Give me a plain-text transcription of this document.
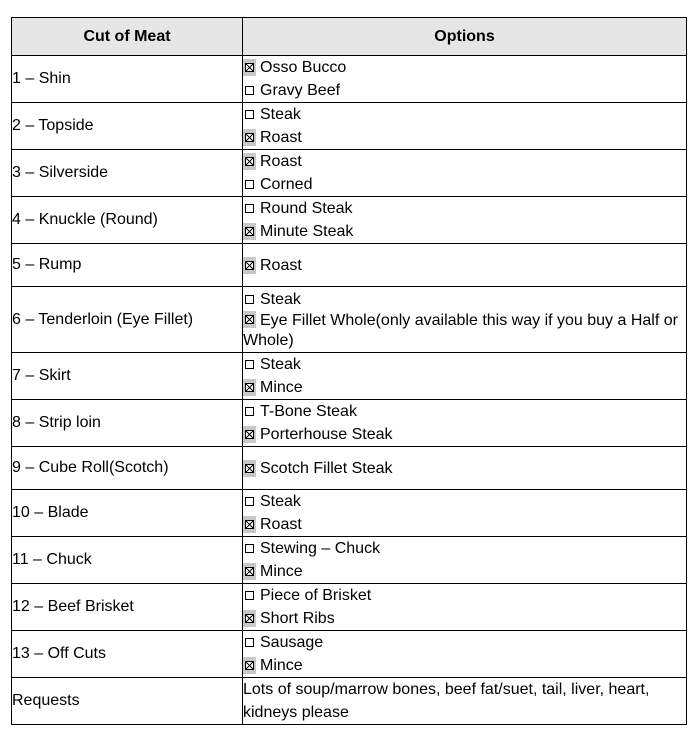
Cut of Meat	Options
1 – Shin	Osso Bucco
Gravy Beef

2 – Topside	Steak
Roast

3 – Silverside	Roast
Corned

4 – Knuckle (Round)	Round Steak
Minute Steak

5 – Rump	Roast

6 – Tenderloin (Eye Fillet)	Steak
Eye Fillet Whole(only available this way if you buy a Half or Whole)

7 – Skirt	Steak
Mince

8 – Strip loin	T-Bone Steak
Porterhouse Steak

9 – Cube Roll(Scotch)	Scotch Fillet Steak

10 – Blade	Steak
Roast

11 – Chuck	Stewing – Chuck
Mince

12 – Beef Brisket	Piece of Brisket
Short Ribs

13 – Off Cuts	Sausage
Mince

Requests	Lots of soup/marrow bones, beef fat/suet, tail, liver, heart, kidneys please
